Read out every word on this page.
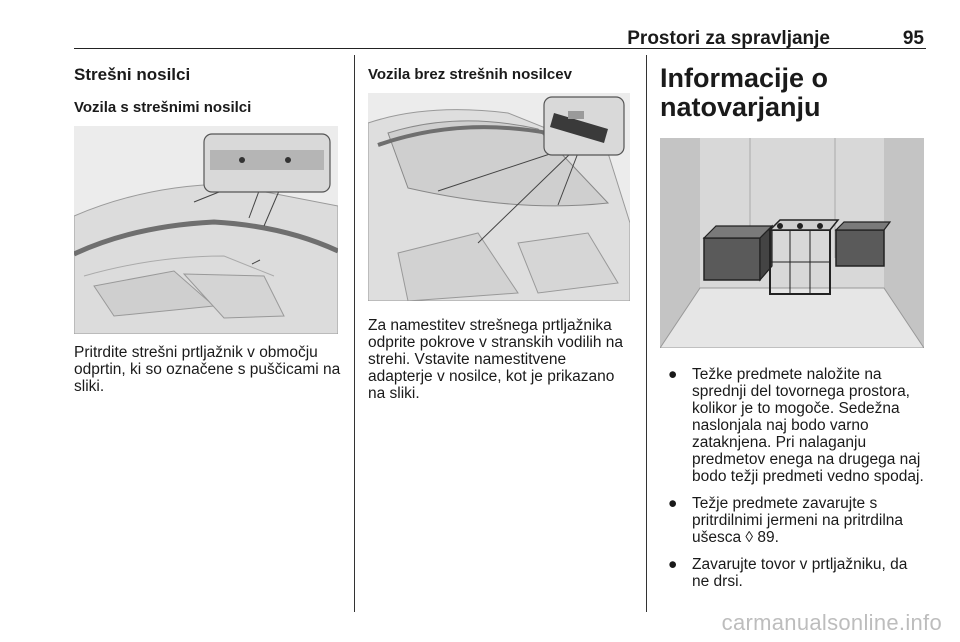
Prostori za spravljanje	95
Strešni nosilci
Vozila s strešnimi nosilci

Pritrdite strešni prtljažnik v območju odprtin, ki so označene s puščicami na sliki.

Vozila brez strešnih nosilcev

Za namestitev strešnega prtljažnika odprite pokrove v stranskih vodilih na strehi. Vstavite namestitvene adapterje v nosilce, kot je prikazano na sliki.

Informacije o natovarjanju
● Težke predmete naložite na sprednji del tovornega prostora, kolikor je to mogoče. Sedežna naslonjala naj bodo varno zataknjena. Pri nalaganju predmetov enega na drugega naj bodo težji predmeti vedno spodaj.
● Težje predmete zavarujte s pritrdilnimi jermeni na pritrdilna ušesca ◊ 89.
● Zavarujte tovor v prtljažniku, da ne drsi.
carmanualsonline.info
